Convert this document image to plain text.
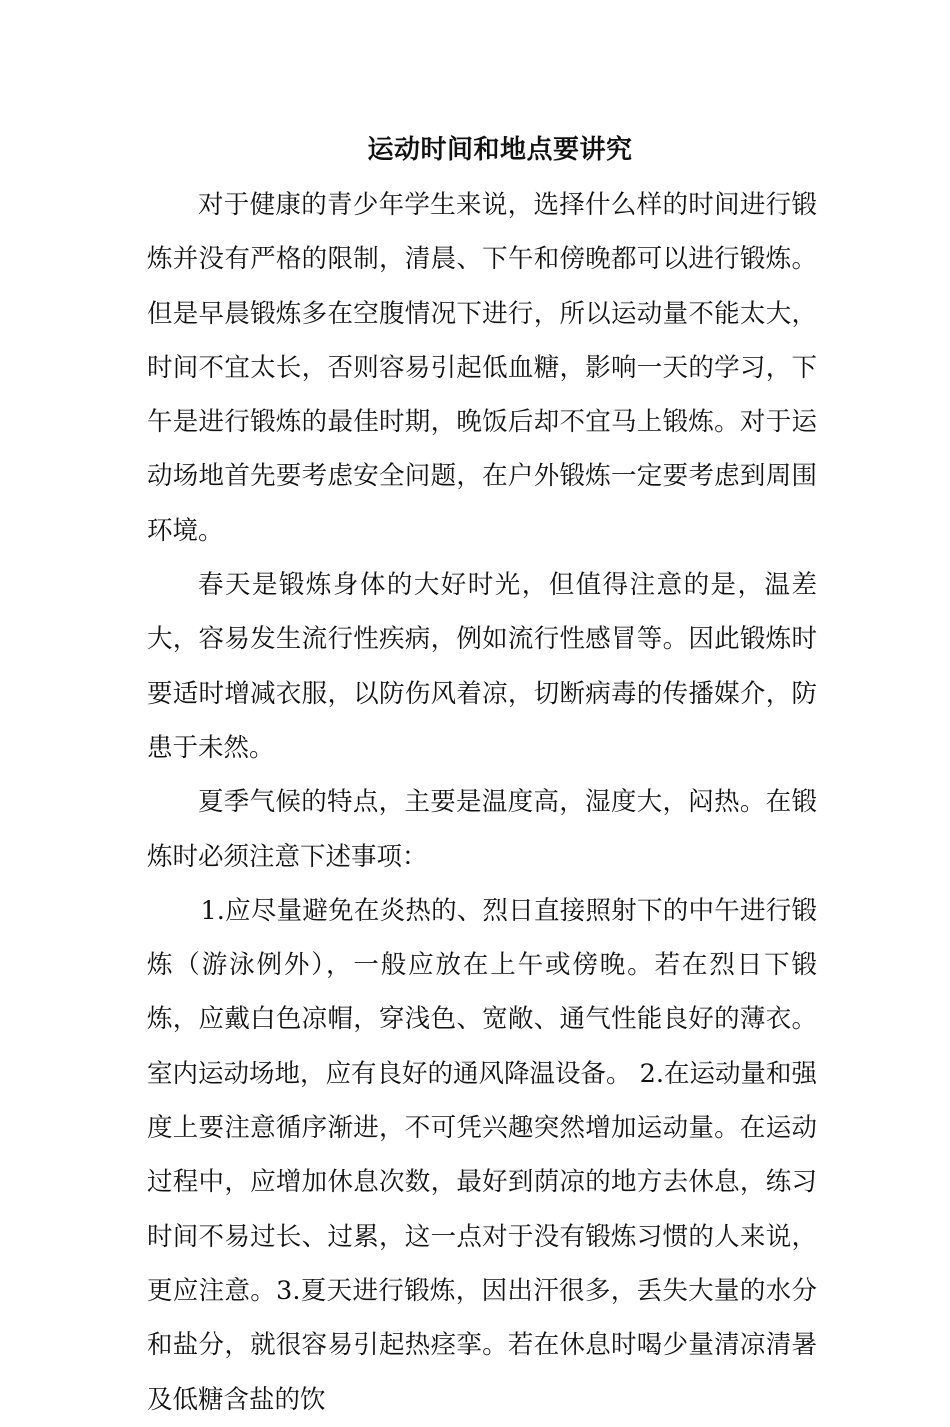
运动时间和地点要讲究

对于健康的青少年学生来说，选择什么样的时间进行锻炼并没有严格的限制，清晨、下午和傍晚都可以进行锻炼。但是早晨锻炼多在空腹情况下进行，所以运动量不能太大，时间不宜太长，否则容易引起低血糖，影响一天的学习，下午是进行锻炼的最佳时期，晚饭后却不宜马上锻炼。对于运动场地首先要考虑安全问题，在户外锻炼一定要考虑到周围环境。

春天是锻炼身体的大好时光，但值得注意的是，温差大，容易发生流行性疾病，例如流行性感冒等。因此锻炼时要适时增减衣服，以防伤风着凉，切断病毒的传播媒介，防患于未然。

夏季气候的特点，主要是温度高，湿度大，闷热。在锻炼时必须注意下述事项：

1.应尽量避免在炎热的、烈日直接照射下的中午进行锻炼（游泳例外），一般应放在上午或傍晚。若在烈日下锻炼，应戴白色凉帽，穿浅色、宽敞、通气性能良好的薄衣。室内运动场地，应有良好的通风降温设备。 2.在运动量和强度上要注意循序渐进，不可凭兴趣突然增加运动量。在运动过程中，应增加休息次数，最好到荫凉的地方去休息，练习时间不易过长、过累，这一点对于没有锻炼习惯的人来说，更应注意。3.夏天进行锻炼，因出汗很多，丢失大量的水分和盐分，就很容易引起热痉挛。若在休息时喝少量清凉清暑及低糖含盐的饮
